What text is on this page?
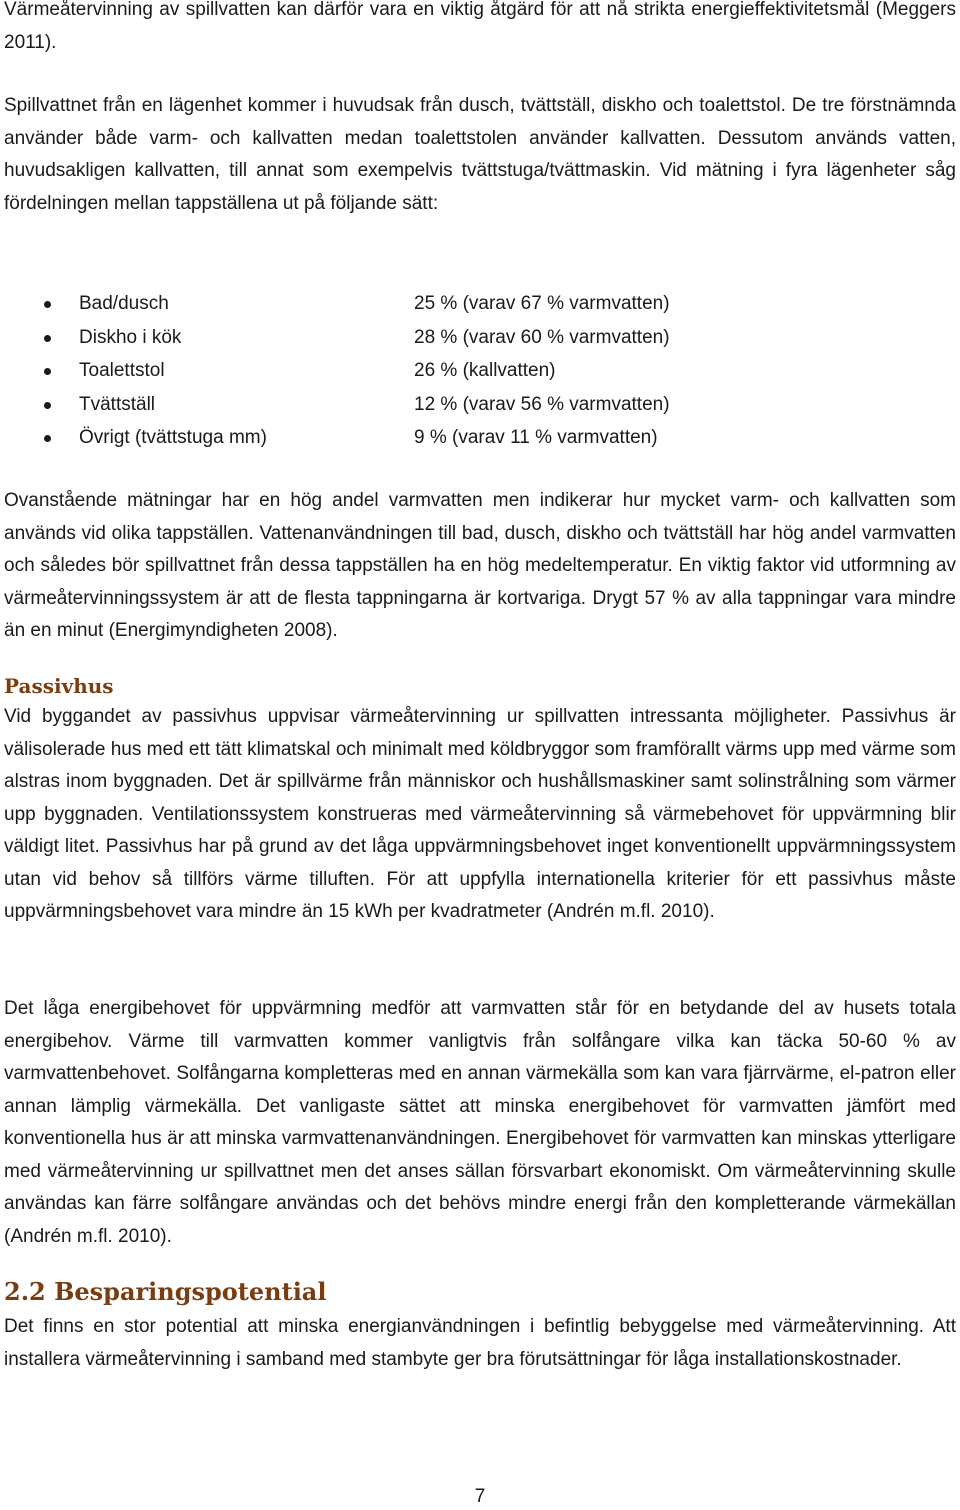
Värmeåtervinning av spillvatten kan därför vara en viktig åtgärd för att nå strikta energieffektivitetsmål (Meggers 2011).

Spillvattnet från en lägenhet kommer i huvudsak från dusch, tvättställ, diskho och toalettstol. De tre förstnämnda använder både varm- och kallvatten medan toalettstolen använder kallvatten. Dessutom används vatten, huvudsakligen kallvatten, till annat som exempelvis tvättstuga/tvättmaskin. Vid mätning i fyra lägenheter såg fördelningen mellan tappställena ut på följande sätt:

Bad/dusch	25 % (varav 67 % varmvatten)
Diskho i kök	28 % (varav 60 % varmvatten)
Toalettstol	26 % (kallvatten)
Tvättställ	12 % (varav 56 % varmvatten)
Övrigt (tvättstuga mm)	9 % (varav 11 % varmvatten)

Ovanstående mätningar har en hög andel varmvatten men indikerar hur mycket varm- och kallvatten som används vid olika tappställen. Vattenanvändningen till bad, dusch, diskho och tvättställ har hög andel varmvatten och således bör spillvattnet från dessa tappställen ha en hög medeltemperatur. En viktig faktor vid utformning av värmeåtervinningssystem är att de flesta tappningarna är kortvariga. Drygt 57 % av alla tappningar vara mindre än en minut (Energimyndigheten 2008).

Passivhus

Vid byggandet av passivhus uppvisar värmeåtervinning ur spillvatten intressanta möjligheter. Passivhus är välisolerade hus med ett tätt klimatskal och minimalt med köldbryggor som framförallt värms upp med värme som alstras inom byggnaden. Det är spillvärme från människor och hushållsmaskiner samt solinstrålning som värmer upp byggnaden. Ventilationssystem konstrueras med värmeåtervinning så värmebehovet för uppvärmning blir väldigt litet. Passivhus har på grund av det låga uppvärmningsbehovet inget konventionellt uppvärmningssystem utan vid behov så tillförs värme tilluften. För att uppfylla internationella kriterier för ett passivhus måste uppvärmningsbehovet vara mindre än 15 kWh per kvadratmeter (Andrén m.fl. 2010).

Det låga energibehovet för uppvärmning medför att varmvatten står för en betydande del av husets totala energibehov. Värme till varmvatten kommer vanligtvis från solfångare vilka kan täcka 50-60 % av varmvattenbehovet. Solfångarna kompletteras med en annan värmekälla som kan vara fjärrvärme, el-patron eller annan lämplig värmekälla. Det vanligaste sättet att minska energibehovet för varmvatten jämfört med konventionella hus är att minska varmvattenanvändningen. Energibehovet för varmvatten kan minskas ytterligare med värmeåtervinning ur spillvattnet men det anses sällan försvarbart ekonomiskt. Om värmeåtervinning skulle användas kan färre solfångare användas och det behövs mindre energi från den kompletterande värmekällan (Andrén m.fl. 2010).

2.2 Besparingspotential

Det finns en stor potential att minska energianvändningen i befintlig bebyggelse med värmeåtervinning. Att installera värmeåtervinning i samband med stambyte ger bra förutsättningar för låga installationskostnader.

7
